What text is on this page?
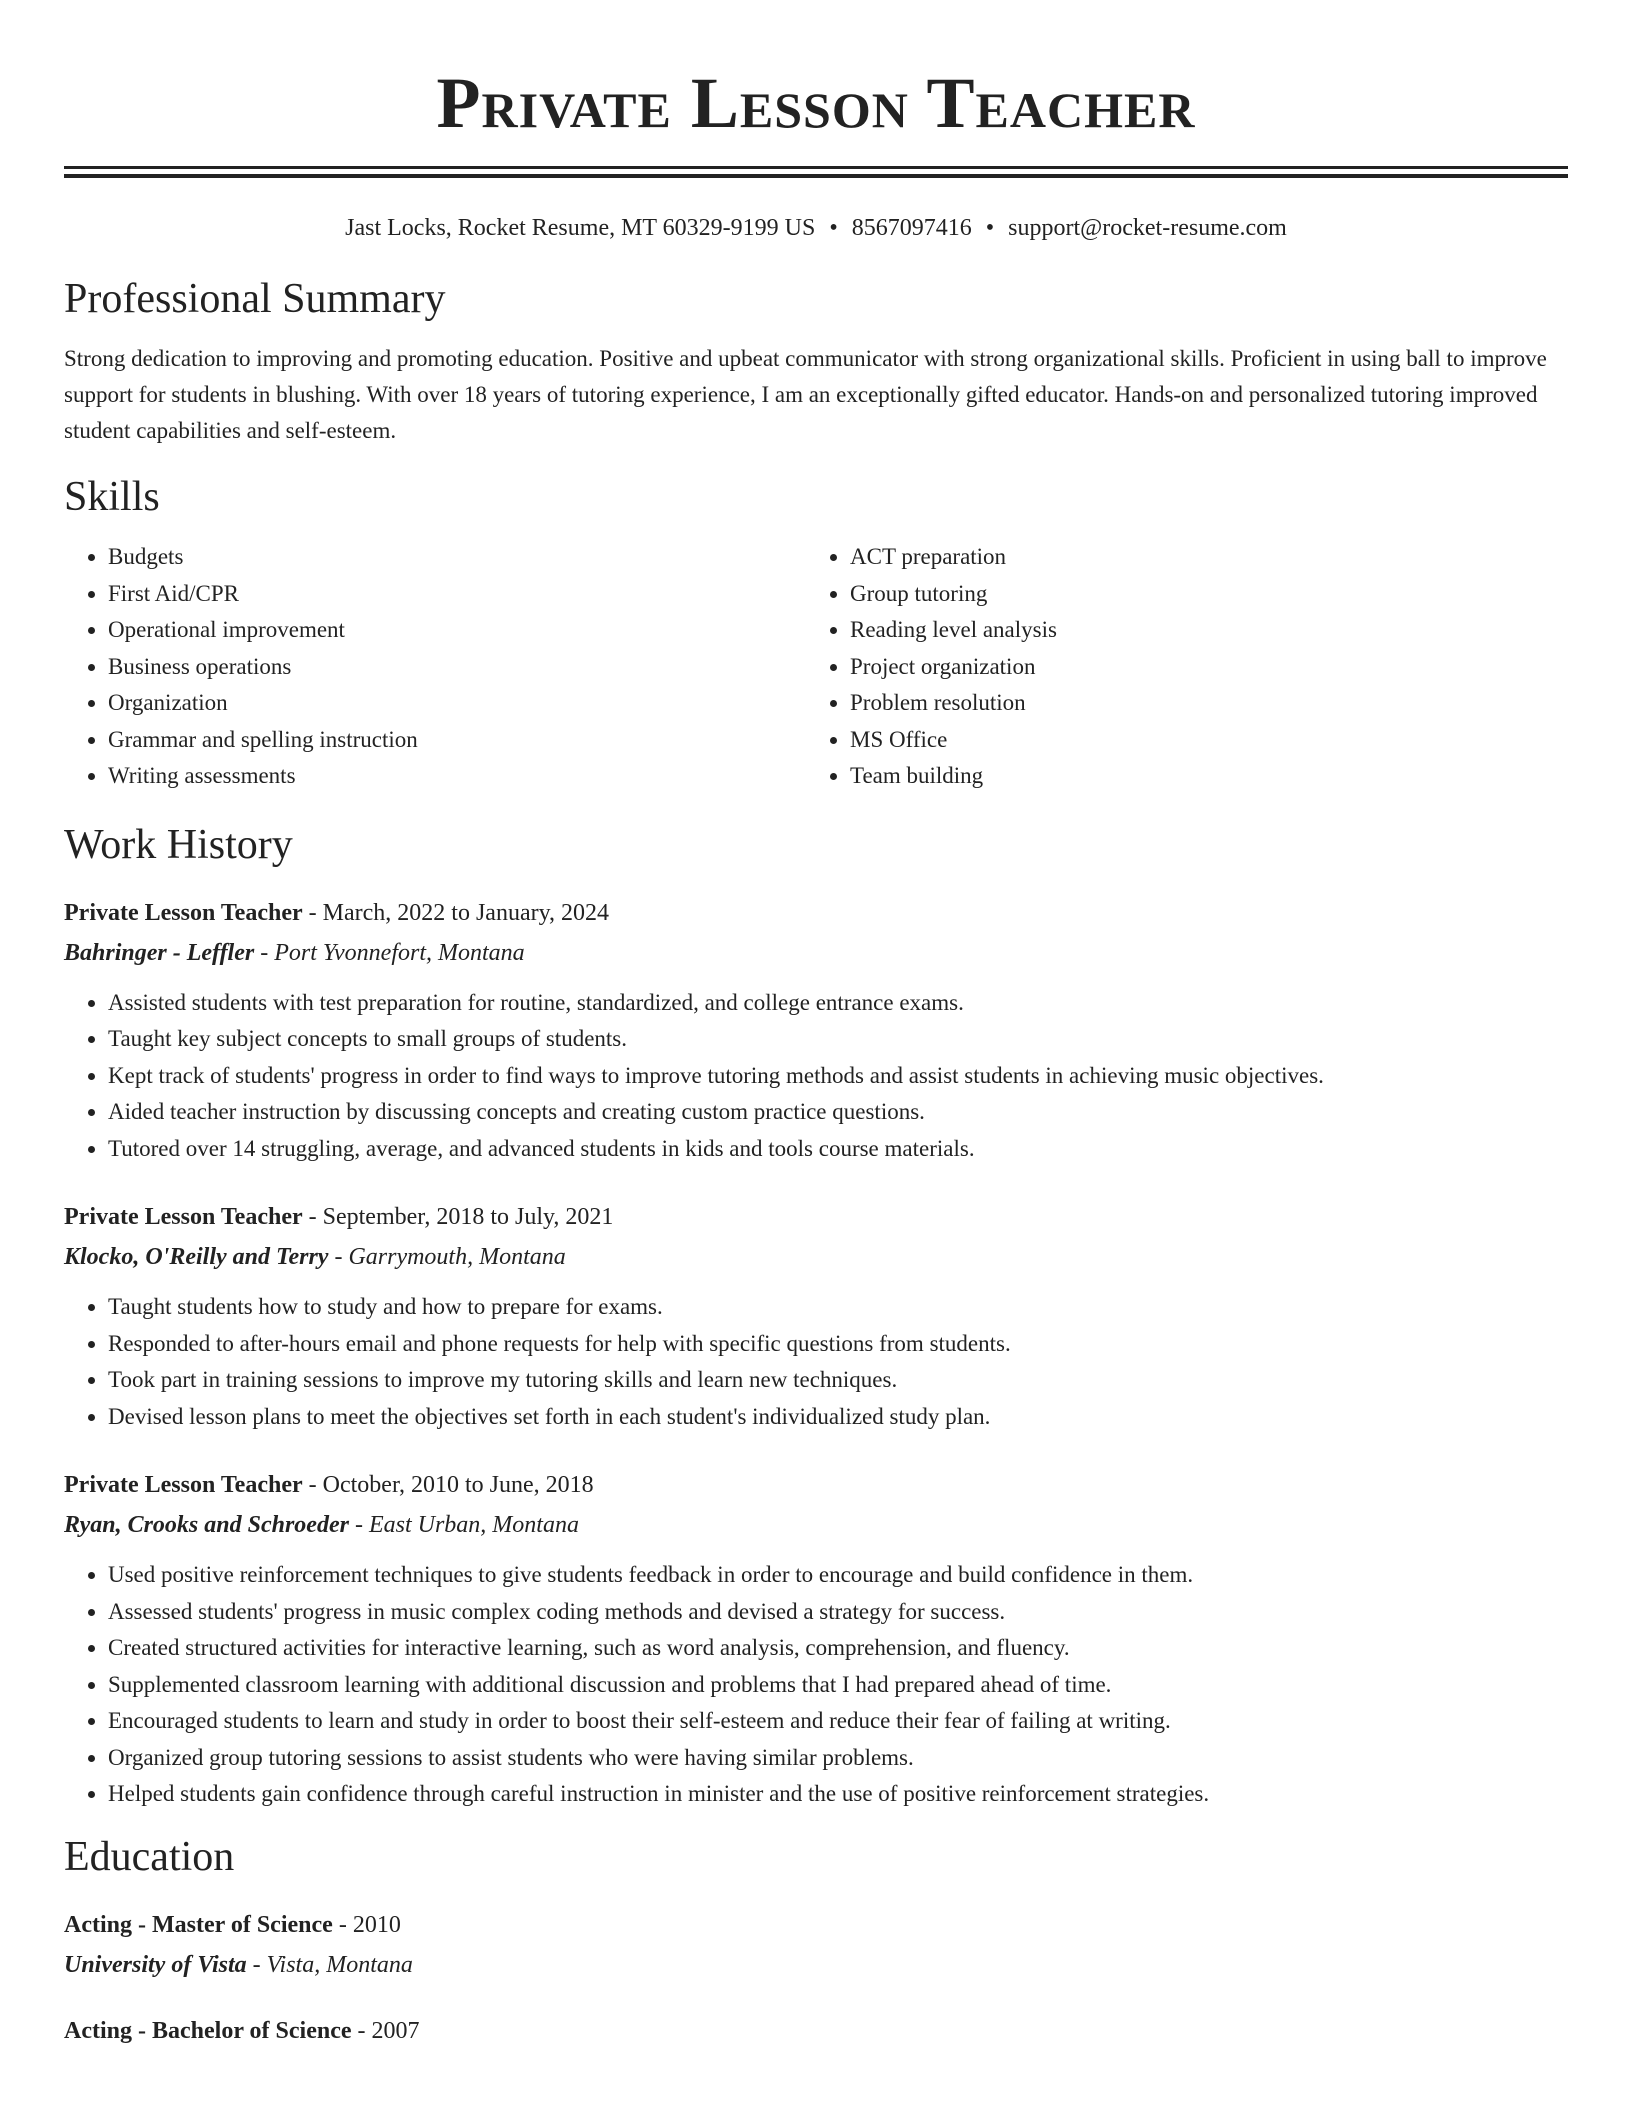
Private Lesson Teacher
Jast Locks, Rocket Resume, MT 60329-9199 US • 8567097416 • support@rocket-resume.com
Professional Summary

Strong dedication to improving and promoting education. Positive and upbeat communicator with strong organizational skills. Proficient in using ball to improve support for students in blushing. With over 18 years of tutoring experience, I am an exceptionally gifted educator. Hands-on and personalized tutoring improved student capabilities and self-esteem.

Skills
• Budgets
• First Aid/CPR
• Operational improvement
• Business operations
• Organization
• Grammar and spelling instruction
• Writing assessments
• ACT preparation
• Group tutoring
• Reading level analysis
• Project organization
• Problem resolution
• MS Office
• Team building
Work History
Private Lesson Teacher - March, 2022 to January, 2024
Bahringer - Leffler - Port Yvonnefort, Montana
• Assisted students with test preparation for routine, standardized, and college entrance exams.
• Taught key subject concepts to small groups of students.
• Kept track of students' progress in order to find ways to improve tutoring methods and assist students in achieving music objectives.
• Aided teacher instruction by discussing concepts and creating custom practice questions.
• Tutored over 14 struggling, average, and advanced students in kids and tools course materials.
Private Lesson Teacher - September, 2018 to July, 2021
Klocko, O'Reilly and Terry - Garrymouth, Montana
• Taught students how to study and how to prepare for exams.
• Responded to after-hours email and phone requests for help with specific questions from students.
• Took part in training sessions to improve my tutoring skills and learn new techniques.
• Devised lesson plans to meet the objectives set forth in each student's individualized study plan.
Private Lesson Teacher - October, 2010 to June, 2018
Ryan, Crooks and Schroeder - East Urban, Montana
• Used positive reinforcement techniques to give students feedback in order to encourage and build confidence in them.
• Assessed students' progress in music complex coding methods and devised a strategy for success.
• Created structured activities for interactive learning, such as word analysis, comprehension, and fluency.
• Supplemented classroom learning with additional discussion and problems that I had prepared ahead of time.
• Encouraged students to learn and study in order to boost their self-esteem and reduce their fear of failing at writing.
• Organized group tutoring sessions to assist students who were having similar problems.
• Helped students gain confidence through careful instruction in minister and the use of positive reinforcement strategies.
Education
Acting - Master of Science - 2010
University of Vista - Vista, Montana
Acting - Bachelor of Science - 2007
